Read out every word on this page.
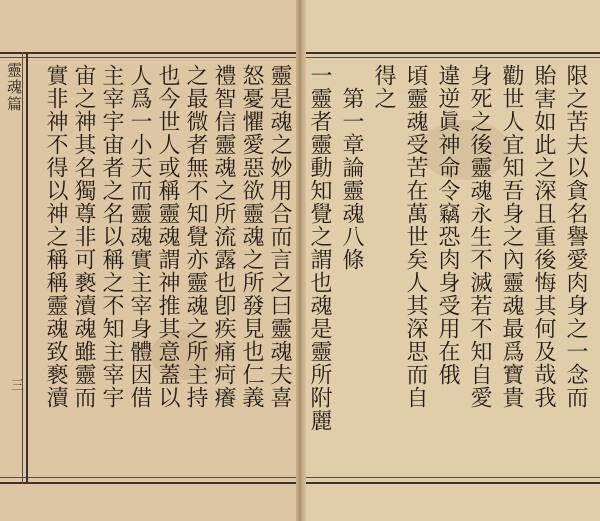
靈魂篇
三	限之苦夫以貪名譽愛肉身之一念而
貽害如此之深且重後悔其何及哉我
勸世人宜知吾身之內靈魂最爲寶貴
身死之後靈魂永生不滅若不知自愛
違逆眞神命令竊恐肉身受用在俄
頃靈魂受苦在萬世矣人其深思而自
得之
　第一章論靈魂八條
一靈者靈動知覺之謂也魂是靈所附麗
靈是魂之妙用合而言之曰靈魂夫喜
怒憂懼愛惡欲靈魂之所發見也仁義
禮智信靈魂之所流露也卽疾痛疴癢
之最微者無不知覺亦靈魂之所主持
也今世人或稱靈魂謂神推其意蓋以
人爲一小天而靈魂實主宰身體因借
主宰宇宙者之名以稱之不知主宰宇
宙之神其名獨尊非可褻瀆魂雖靈而
實非神不得以神之稱稱靈魂致褻瀆
